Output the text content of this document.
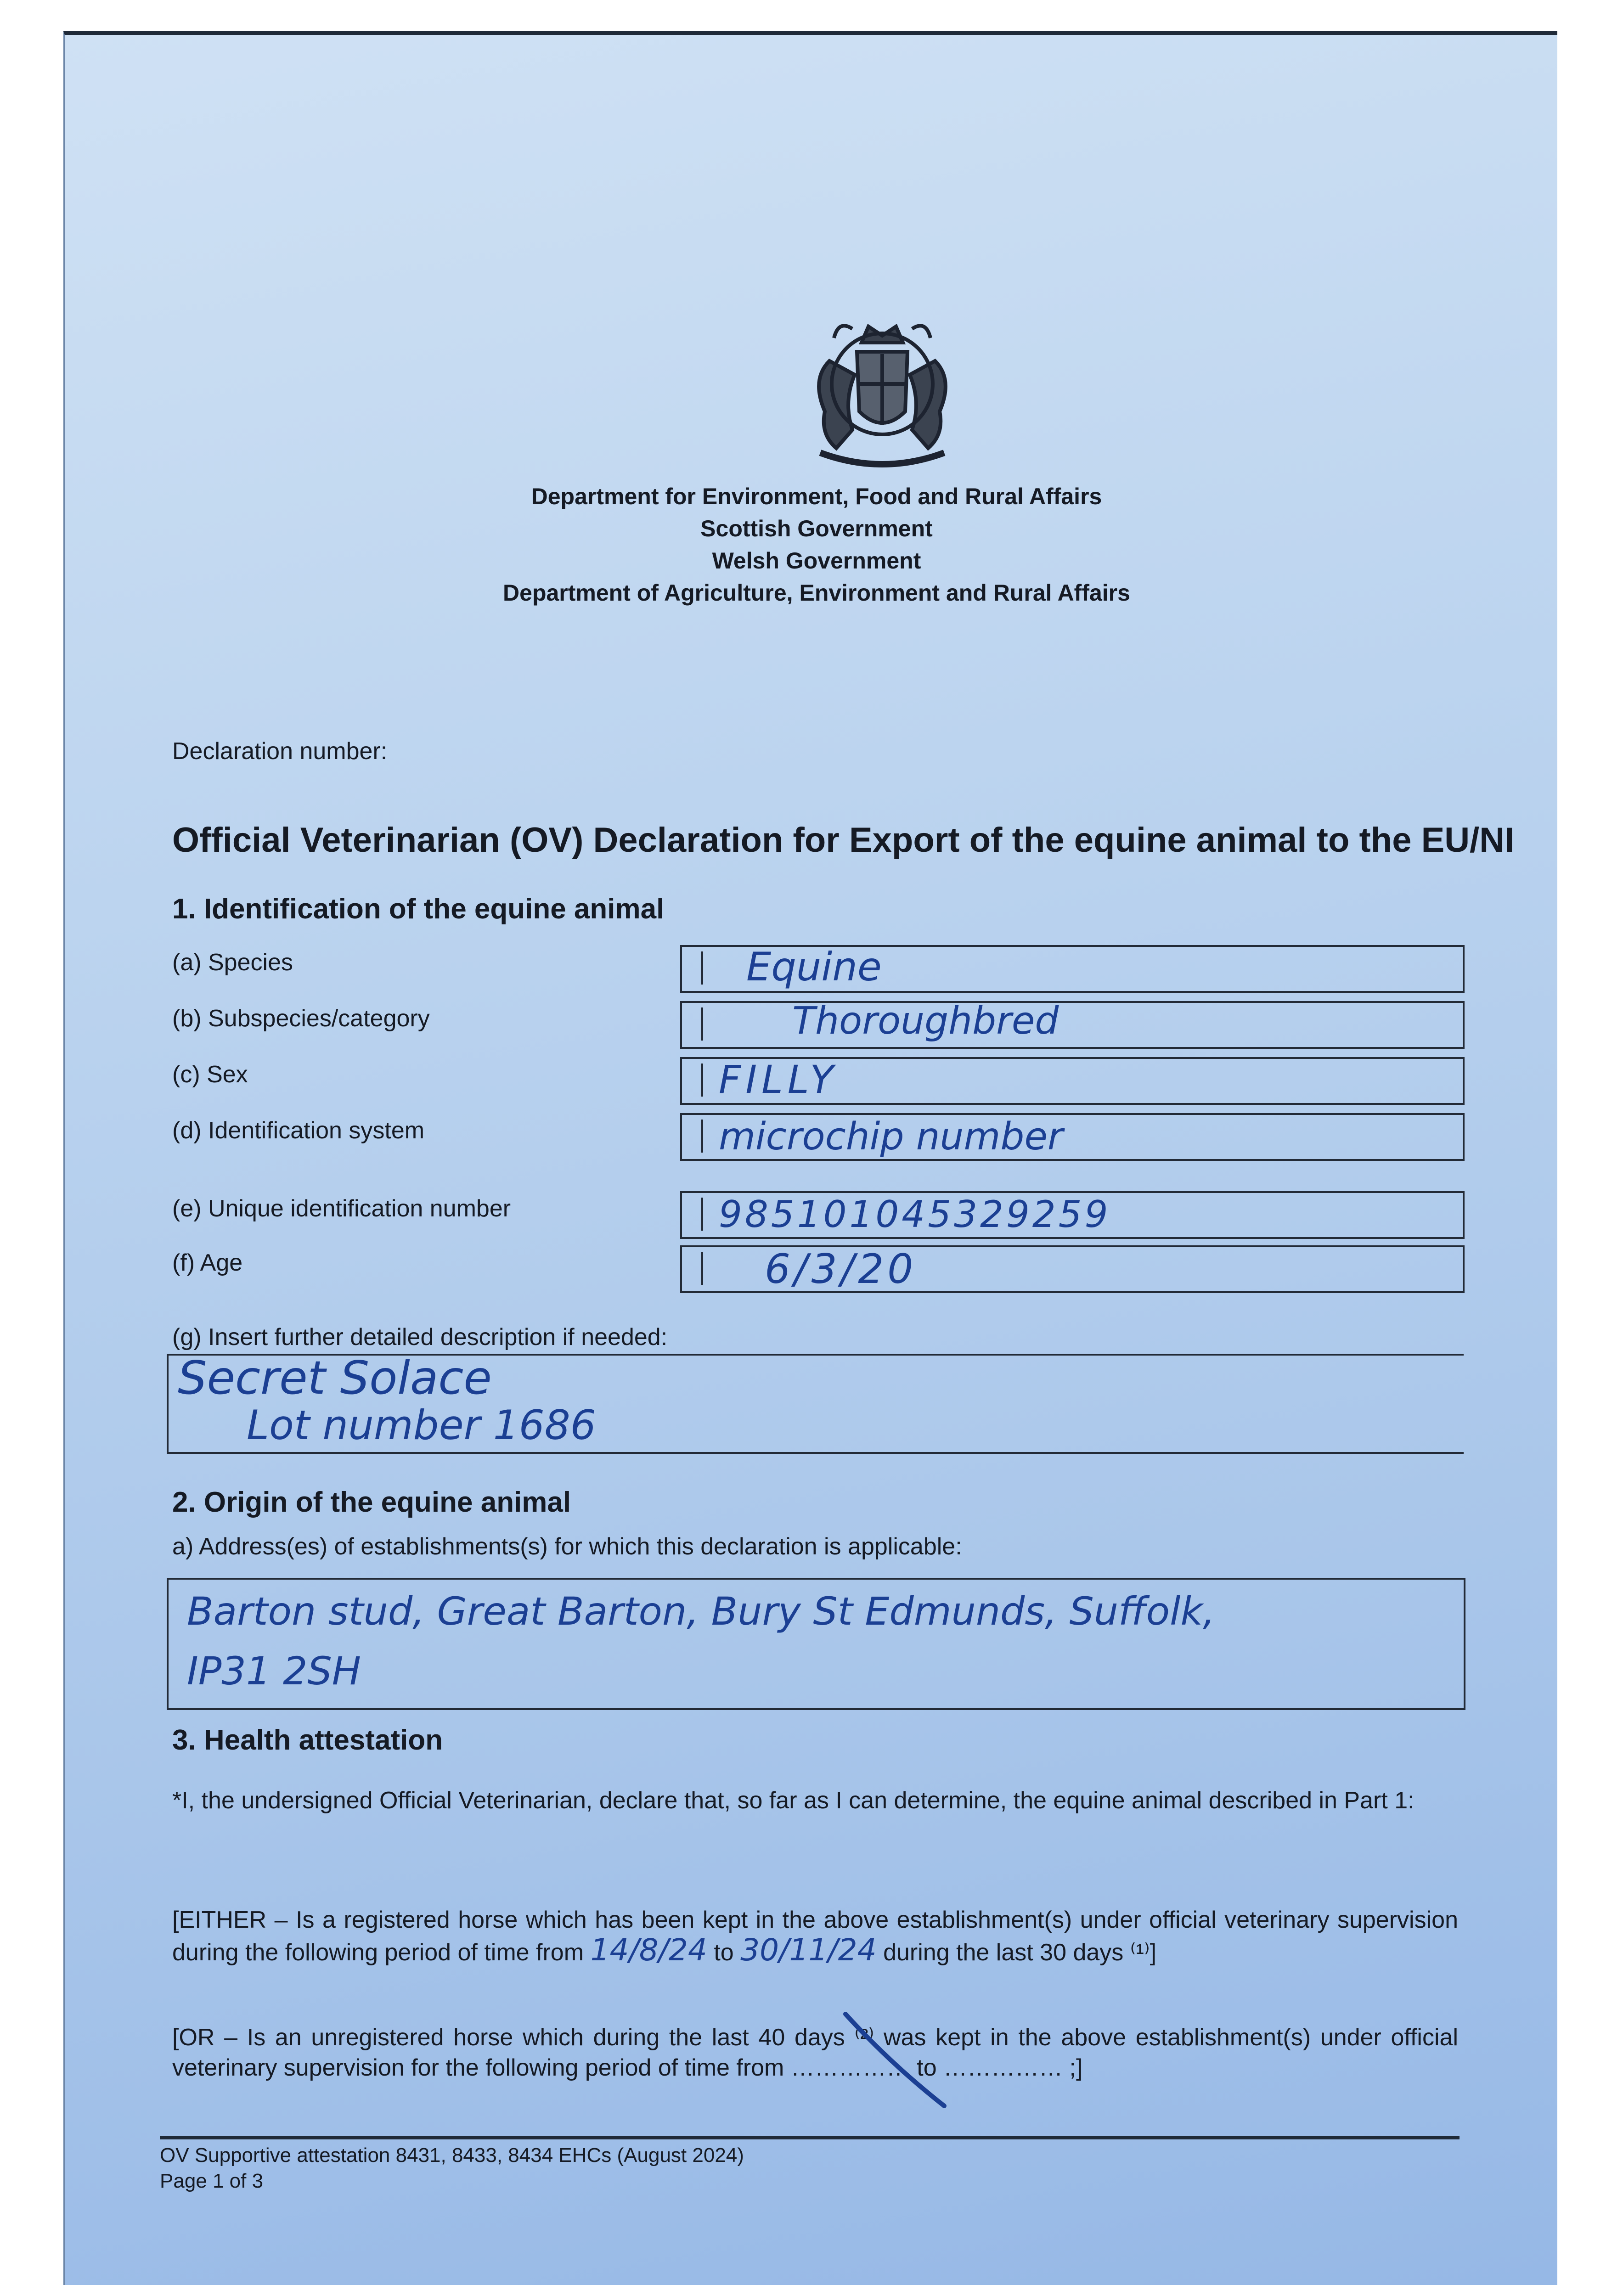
Department for Environment, Food and Rural Affairs
Scottish Government
Welsh Government
Department of Agriculture, Environment and Rural Affairs
Declaration number:
Official Veterinarian (OV) Declaration for Export of the equine animal to the EU/NI
1. Identification of the equine animal
(a) Species	Equine
(b) Subspecies/category	Thoroughbred
(c) Sex	FILLY
(d) Identification system	microchip number
(e) Unique identification number	985101045329259
(f) Age	6/3/20
(g) Insert further detailed description if needed:
Secret Solace
Lot number 1686
2. Origin of the equine animal
a) Address(es) of establishments(s) for which this declaration is applicable:
Barton stud, Great Barton, Bury St Edmunds, Suffolk,
IP31 2SH
3. Health attestation
*I, the undersigned Official Veterinarian, declare that, so far as I can determine, the equine animal described in Part 1:
[EITHER – Is a registered horse which has been kept in the above establishment(s) under official veterinary supervision during the following period of time from 14/8/24 to 30/11/24 during the last 30 days ⁽¹⁾]
[OR – Is an unregistered horse which during the last 40 days ⁽²⁾ was kept in the above establishment(s) under official veterinary supervision for the following period of time from …………… to …………… ;]
OV Supportive attestation 8431, 8433, 8434 EHCs (August 2024)
Page 1 of 3
